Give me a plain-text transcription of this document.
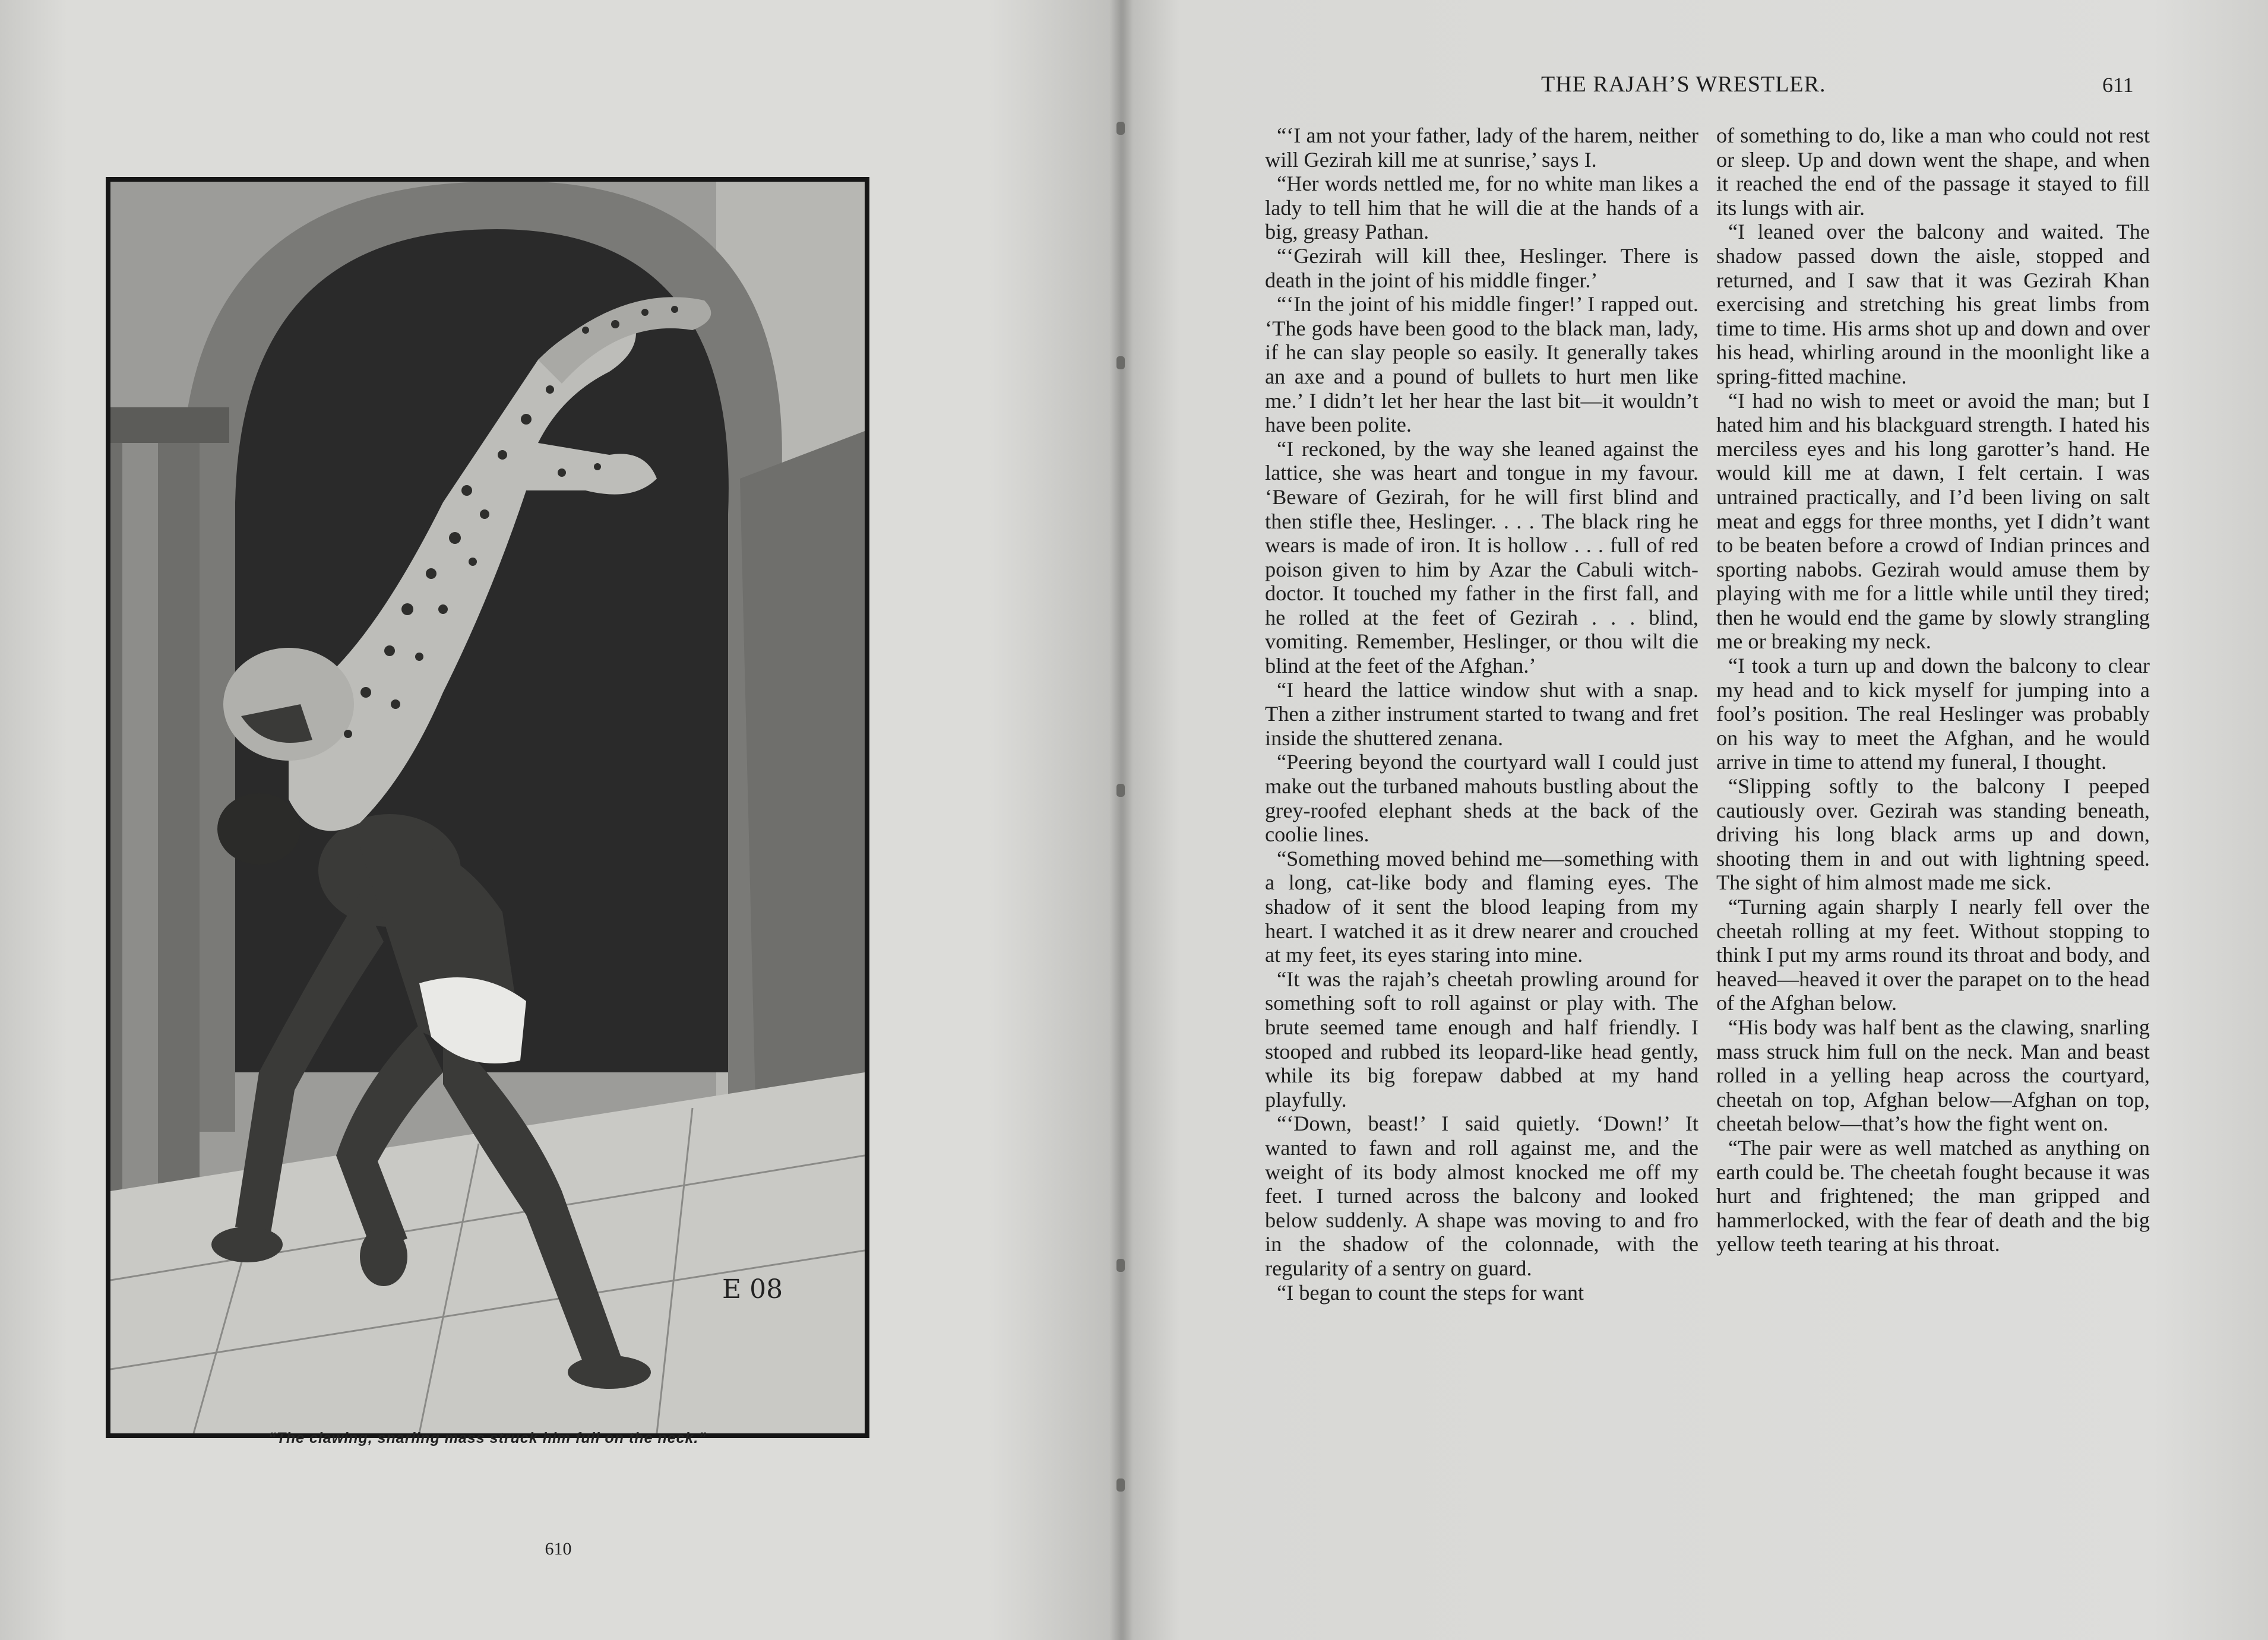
E 08
“The clawing, snarling mass struck him full on the neck.”
610
THE RAJAH’S WRESTLER.	611

“‘I am not your father, lady of the harem, neither will Gezirah kill me at sunrise,’ says I.

“Her words nettled me, for no white man likes a lady to tell him that he will die at the hands of a big, greasy Pathan.

“‘Gezirah will kill thee, Heslinger. There is death in the joint of his middle finger.’

“‘In the joint of his middle finger!’ I rapped out. ‘The gods have been good to the black man, lady, if he can slay people so easily. It generally takes an axe and a pound of bullets to hurt men like me.’ I didn’t let her hear the last bit—it wouldn’t have been polite.

“I reckoned, by the way she leaned against the lattice, she was heart and tongue in my favour. ‘Beware of Gezirah, for he will first blind and then stifle thee, Heslinger. . . . The black ring he wears is made of iron. It is hollow . . . full of red poison given to him by Azar the Cabuli witch-doctor. It touched my father in the first fall, and he rolled at the feet of Gezirah . . . blind, vomiting. Remember, Heslinger, or thou wilt die blind at the feet of the Afghan.’

“I heard the lattice window shut with a snap. Then a zither instrument started to twang and fret inside the shuttered zenana.

“Peering beyond the courtyard wall I could just make out the turbaned mahouts bustling about the grey-roofed elephant sheds at the back of the coolie lines.

“Something moved behind me—something with a long, cat-like body and flaming eyes. The shadow of it sent the blood leaping from my heart. I watched it as it drew nearer and crouched at my feet, its eyes staring into mine.

“It was the rajah’s cheetah prowling around for something soft to roll against or play with. The brute seemed tame enough and half friendly. I stooped and rubbed its leopard-like head gently, while its big forepaw dabbed at my hand playfully.

“‘Down, beast!’ I said quietly. ‘Down!’ It wanted to fawn and roll against me, and the weight of its body almost knocked me off my feet. I turned across the balcony and looked below suddenly. A shape was moving to and fro in the shadow of the colonnade, with the regularity of a sentry on guard.

“I began to count the steps for want

of something to do, like a man who could not rest or sleep. Up and down went the shape, and when it reached the end of the passage it stayed to fill its lungs with air.

“I leaned over the balcony and waited. The shadow passed down the aisle, stopped and returned, and I saw that it was Gezirah Khan exercising and stretching his great limbs from time to time. His arms shot up and down and over his head, whirling around in the moonlight like a spring-fitted machine.

“I had no wish to meet or avoid the man; but I hated him and his blackguard strength. I hated his merciless eyes and his long garotter’s hand. He would kill me at dawn, I felt certain. I was untrained practically, and I’d been living on salt meat and eggs for three months, yet I didn’t want to be beaten before a crowd of Indian princes and sporting nabobs. Gezirah would amuse them by playing with me for a little while until they tired; then he would end the game by slowly strangling me or breaking my neck.

“I took a turn up and down the balcony to clear my head and to kick myself for jumping into a fool’s position. The real Heslinger was probably on his way to meet the Afghan, and he would arrive in time to attend my funeral, I thought.

“Slipping softly to the balcony I peeped cautiously over. Gezirah was standing beneath, driving his long black arms up and down, shooting them in and out with lightning speed. The sight of him almost made me sick.

“Turning again sharply I nearly fell over the cheetah rolling at my feet. Without stopping to think I put my arms round its throat and body, and heaved—heaved it over the parapet on to the head of the Afghan below.

“His body was half bent as the clawing, snarling mass struck him full on the neck. Man and beast rolled in a yelling heap across the courtyard, cheetah on top, Afghan below—Afghan on top, cheetah below—that’s how the fight went on.

“The pair were as well matched as anything on earth could be. The cheetah fought because it was hurt and frightened; the man gripped and hammerlocked, with the fear of death and the big yellow teeth tearing at his throat.
